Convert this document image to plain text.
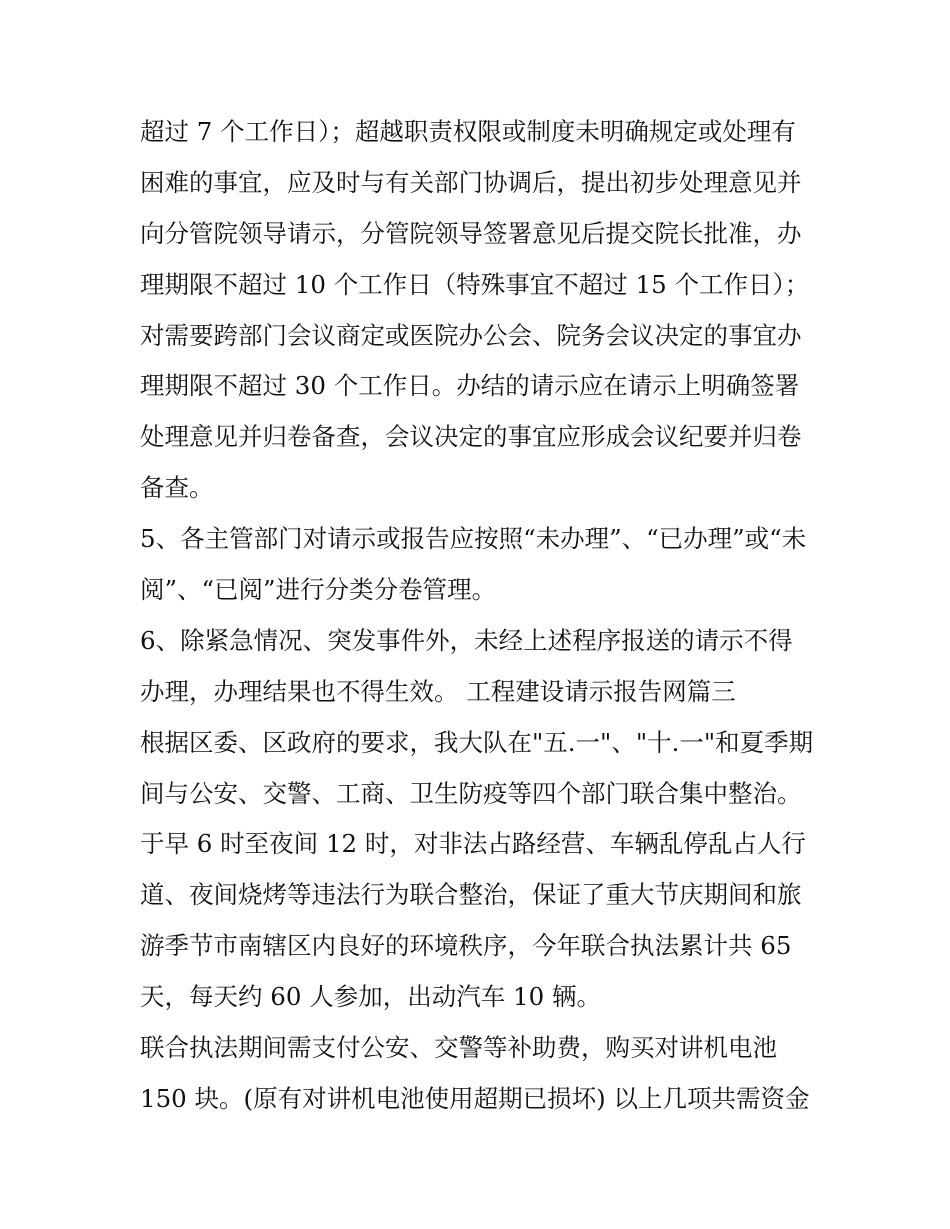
超过 7 个工作日）；超越职责权限或制度未明确规定或处理有
困难的事宜，应及时与有关部门协调后，提出初步处理意见并
向分管院领导请示，分管院领导签署意见后提交院长批准，办
理期限不超过 10 个工作日（特殊事宜不超过 15 个工作日）；
对需要跨部门会议商定或医院办公会、院务会议决定的事宜办
理期限不超过 30 个工作日。办结的请示应在请示上明确签署
处理意见并归卷备查，会议决定的事宜应形成会议纪要并归卷
备查。
5、各主管部门对请示或报告应按照“未办理”、“已办理”或“未
阅”、“已阅”进行分类分卷管理。
6、除紧急情况、突发事件外，未经上述程序报送的请示不得
办理，办理结果也不得生效。 工程建设请示报告网篇三
根据区委、区政府的要求，我大队在"五.一"、"十.一"和夏季期
间与公安、交警、工商、卫生防疫等四个部门联合集中整治。
于早 6 时至夜间 12 时，对非法占路经营、车辆乱停乱占人行
道、夜间烧烤等违法行为联合整治，保证了重大节庆期间和旅
游季节市南辖区内良好的环境秩序，今年联合执法累计共 65
天，每天约 60 人参加，出动汽车 10 辆。
联合执法期间需支付公安、交警等补助费，购买对讲机电池
150 块。(原有对讲机电池使用超期已损坏) 以上几项共需资金
